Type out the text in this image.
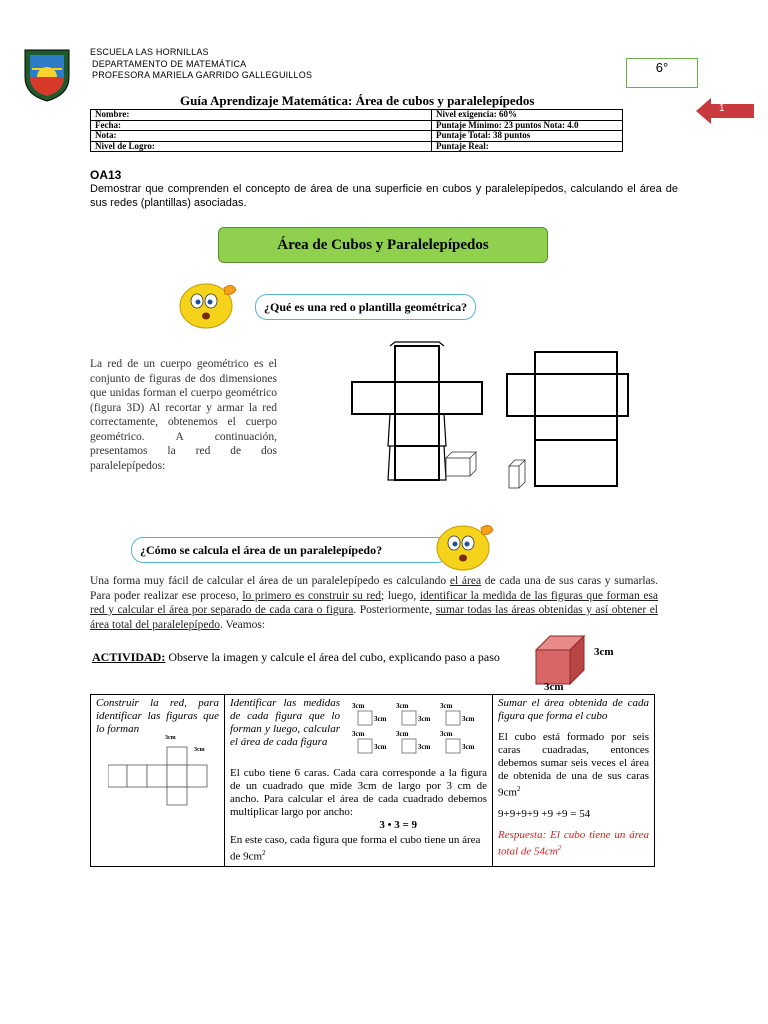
ESCUELA LAS HORNILLAS
DEPARTAMENTO DE MATEMÁTICA
PROFESORA MARIELA GARRIDO GALLEGUILLOS	6°
1
Guía Aprendizaje Matemática: Área de cubos y paralelepípedos
Nombre:	Nivel exigencia: 60%
Fecha:	Puntaje Mínimo: 23 puntos Nota: 4.0
Nota:	Puntaje Total: 38 puntos
Nivel de Logro:	Puntaje Real:
OA13
Demostrar que comprenden el concepto de área de una superficie en cubos y paralelepípedos, calculando el área de sus redes (plantillas) asociadas.
Área de Cubos y Paralelepípedos
¿Qué es una red o plantilla geométrica?
La red de un cuerpo geométrico es el conjunto de figuras de dos dimensiones que unidas forman el cuerpo geométrico (figura 3D) Al recortar y armar la red correctamente, obtenemos el cuerpo geométrico. A continuación, presentamos la red de dos paralelepípedos:
¿Cómo se calcula el área de un paralelepípedo?
Una forma muy fácil de calcular el área de un paralelepípedo es calculando el área de cada una de sus caras y sumarlas. Para poder realizar ese proceso, lo primero es construir su red; luego, identificar la medida de las figuras que forman esa red y calcular el área por separado de cada cara o figura. Posteriormente, sumar todas las áreas obtenidas y así obtener el área total del paralelepípedo. Veamos:
ACTIVIDAD: Observe la imagen y calcule el área del cubo, explicando paso a paso	3cm
3cm
Construir la red, para identificar las figuras que lo forman
3cm
3cm

Identificar las medidas de cada figura que lo forman y luego, calcular el área de cada figura
3cm
3cm
3cm
3cm
3cm
3cm
3cm
3cm
3cm
3cm
3cm
3cm
El cubo tiene 6 caras. Cada cara corresponde a la figura de un cuadrado que mide 3cm de largo por 3 cm de ancho. Para calcular el área de cada cuadrado debemos multiplicar largo por ancho:
3 • 3 = 9
En este caso, cada figura que forma el cubo tiene un área de $9cm^2$

Sumar el área obtenida de cada figura que forma el cubo
El cubo está formado por seis caras cuadradas, entonces debemos sumar seis veces el área de obtenida de una de sus caras $9cm^2$
9+9+9+9 +9 +9 = 54
Respuesta: El cubo tiene un área total de $54cm^2$
